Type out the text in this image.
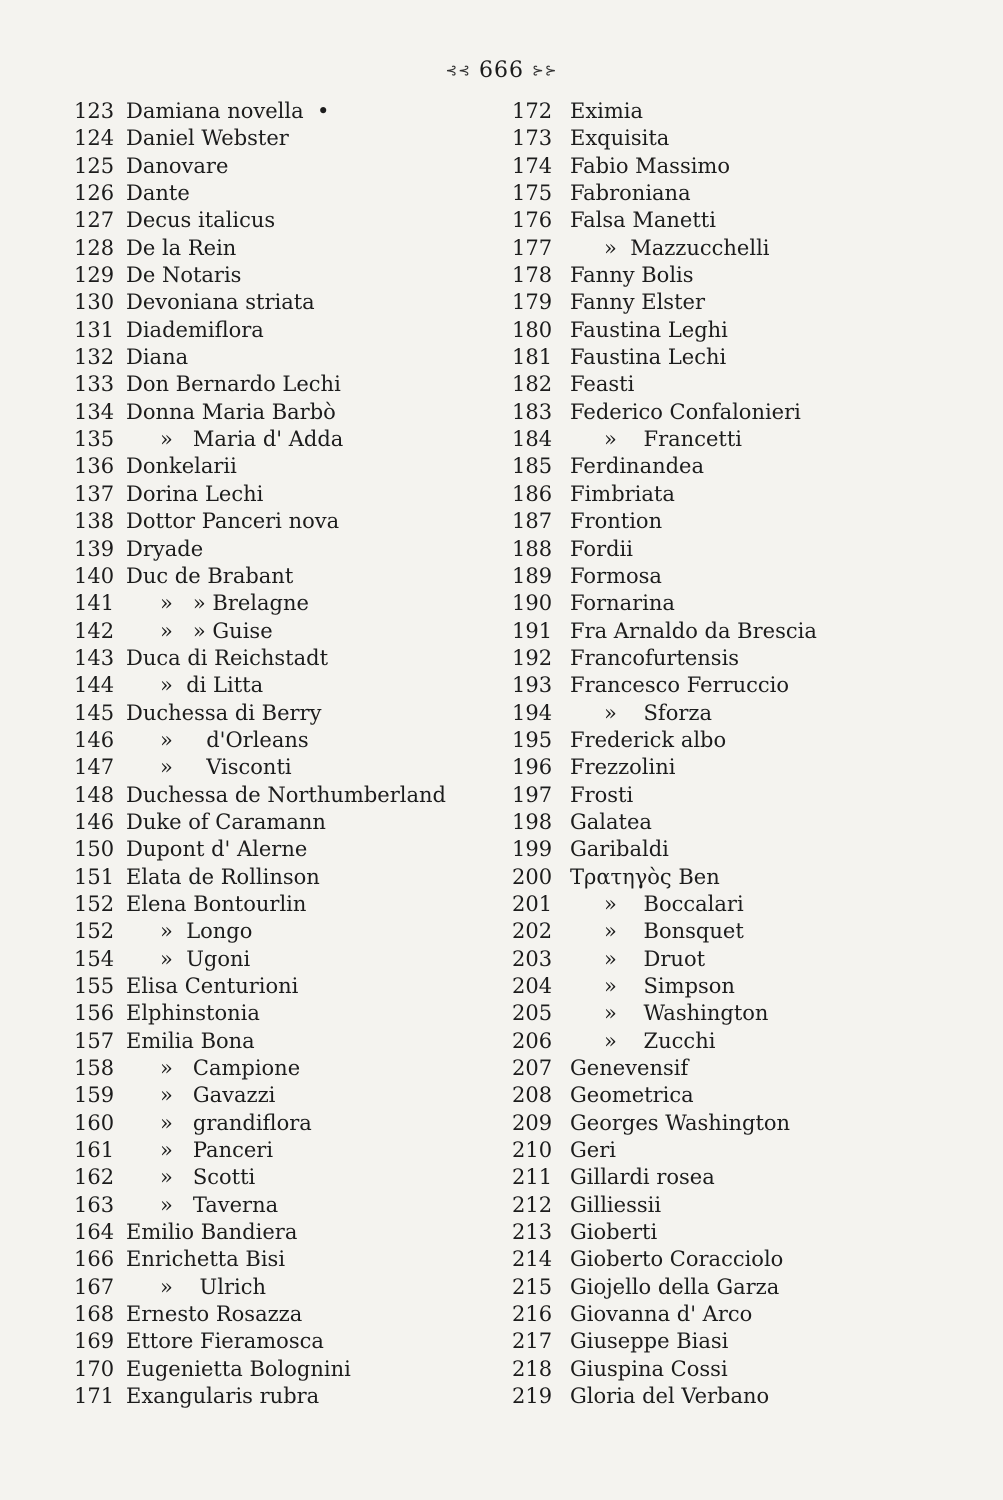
⊰⊰ 666 ⊱⊱
123 Damiana novella  •
124 Daniel Webster
125 Danovare
126 Dante
127 Decus italicus
128 De la Rein
129 De Notaris
130 Devoniana striata
131 Diademiflora
132 Diana
133 Don Bernardo Lechi
134 Donna Maria Barbò
135 »   Maria d' Adda
136 Donkelarii
137 Dorina Lechi
138 Dottor Panceri nova
139 Dryade
140 Duc de Brabant
141 »   » Brelagne
142 »   » Guise
143 Duca di Reichstadt
144 »  di Litta
145 Duchessa di Berry
146 »     d'Orleans
147 »     Visconti
148 Duchessa de Northumberland
146 Duke of Caramann
150 Dupont d' Alerne
151 Elata de Rollinson
152 Elena Bontourlin
152 »  Longo
154 »  Ugoni
155 Elisa Centurioni
156 Elphinstonia
157 Emilia Bona
158 »   Campione
159 »   Gavazzi
160 »   grandiflora
161 »   Panceri
162 »   Scotti
163 »   Taverna
164 Emilio Bandiera
166 Enrichetta Bisi
167 »    Ulrich
168 Ernesto Rosazza
169 Ettore Fieramosca
170 Eugenietta Bolognini
171 Exangularis rubra
172 Eximia
173 Exquisita
174 Fabio Massimo
175 Fabroniana
176 Falsa Manetti
177 »  Mazzucchelli
178 Fanny Bolis
179 Fanny Elster
180 Faustina Leghi
181 Faustina Lechi
182 Feasti
183 Federico Confalonieri
184 »    Francetti
185 Ferdinandea
186 Fimbriata
187 Frontion
188 Fordii
189 Formosa
190 Fornarina
191 Fra Arnaldo da Brescia
192 Francofurtensis
193 Francesco Ferruccio
194 »    Sforza
195 Frederick albo
196 Frezzolini
197 Frosti
198 Galatea
199 Garibaldi
200 Τρατηγὸς Ben
201 »    Boccalari
202 »    Bonsquet
203 »    Druot
204 »    Simpson
205 »    Washington
206 »    Zucchi
207 Genevensif
208 Geometrica
209 Georges Washington
210 Geri
211 Gillardi rosea
212 Gilliessii
213 Gioberti
214 Gioberto Coracciolo
215 Giojello della Garza
216 Giovanna d' Arco
217 Giuseppe Biasi
218 Giuspina Cossi
219 Gloria del Verbano
